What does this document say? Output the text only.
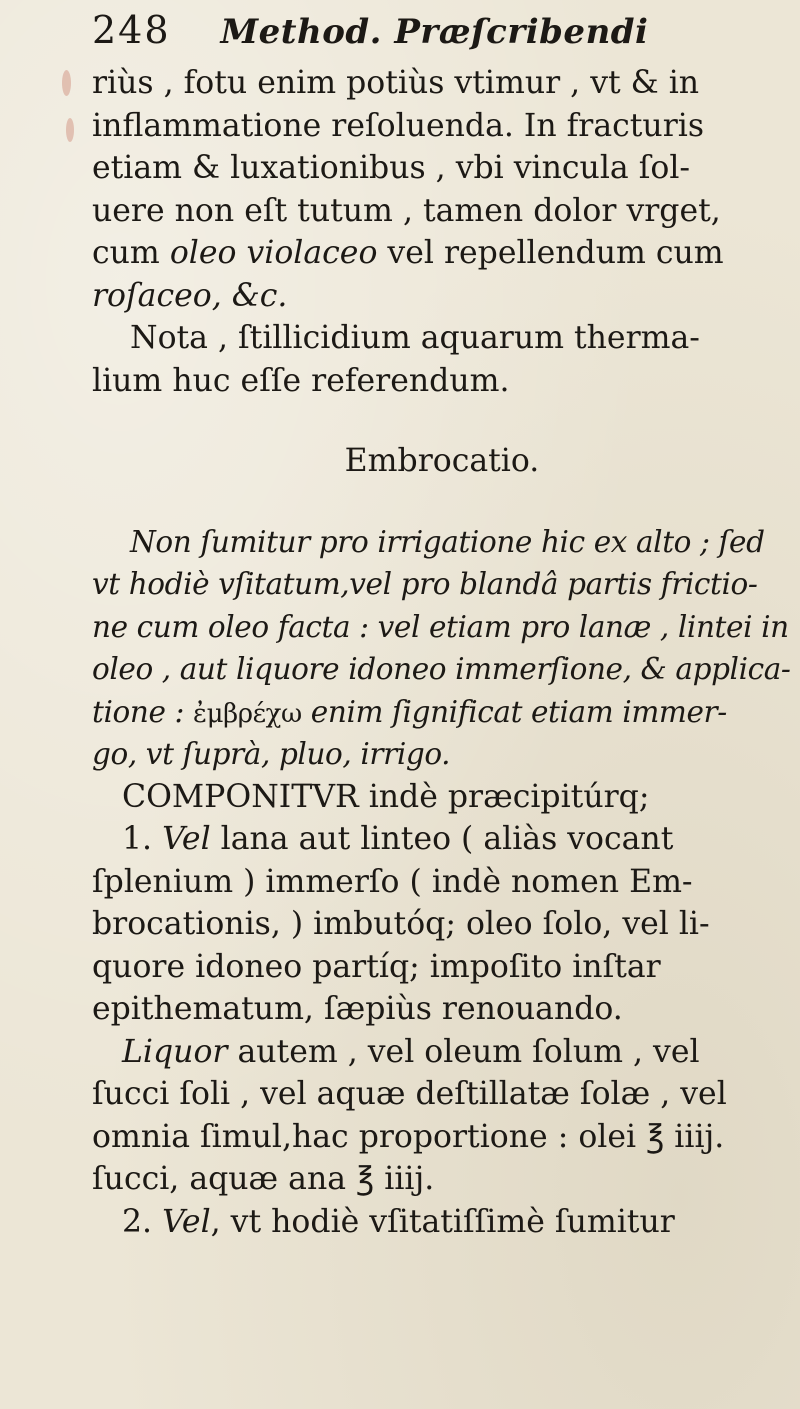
248 Method. Præſcribendi
riùs , fotu enim potiùs vtimur , vt & in
inflammatione reſoluenda. In fracturis
etiam & luxationibus , vbi vincula ſol-
uere non eſt tutum , tamen dolor vrget,
cum oleo violaceo vel repellendum cum
roſaceo, &c.
Nota , ſtillicidium aquarum therma-
lium huc eſſe referendum.
Embrocatio.
Non ſumitur pro irrigatione hic ex alto ; ſed
vt hodiè vſitatum,vel pro blandâ partis frictio-
ne cum oleo facta : vel etiam pro lanæ , lintei in
oleo , aut liquore idoneo immerſione, & applica-
tione : ἐμβρέχω enim ſignificat etiam immer-
go, vt ſuprà, pluo, irrigo.
COMPONITVR indè præcipitúrq;
1. Vel lana aut linteo ( aliàs vocant
ſplenium ) immerſo ( indè nomen Em-
brocationis, ) imbutóq; oleo ſolo, vel li-
quore idoneo partíq; impoſito inſtar
epithematum, ſæpiùs renouando.
Liquor autem , vel oleum ſolum , vel
ſucci ſoli , vel aquæ deſtillatæ ſolæ , vel
omnia ſimul,hac proportione : olei ℥ iiij.
ſucci, aquæ ana ℥ iiij.
2. Vel, vt hodiè vſitatiſſimè ſumitur
